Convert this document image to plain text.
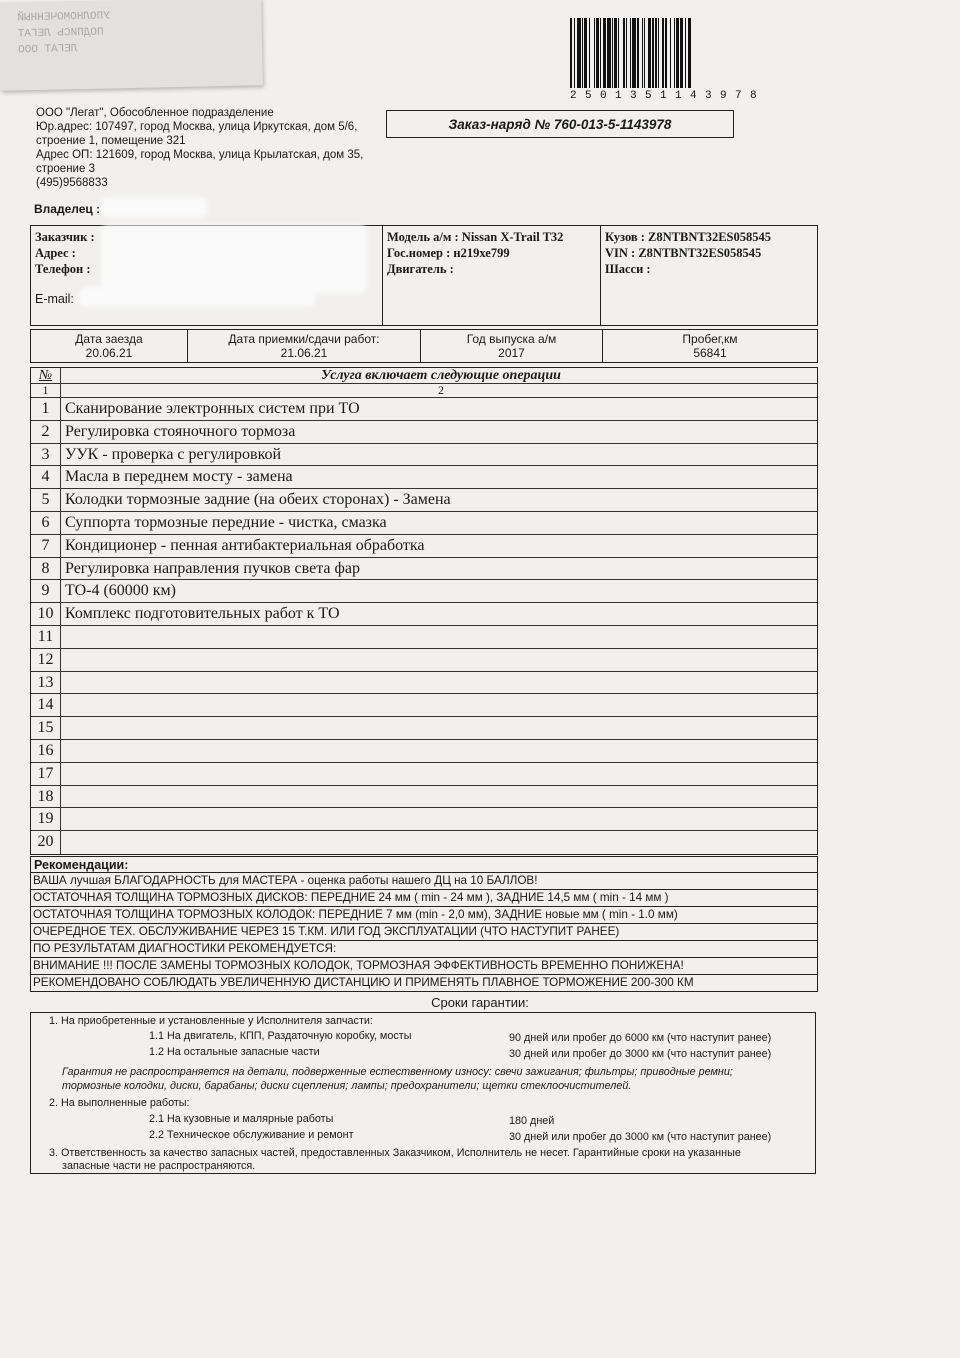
УПОЛНОМОЧЕННЫЙ
ПОДПИСЬ ЛЕГАТ
ЛЕГАТ ООО
2501351143978
ООО "Легат", Обособленное подразделение
Юр.адрес: 107497, город Москва, улица Иркутская, дом 5/6, строение 1, помещение 321
Адрес ОП: 121609, город Москва, улица Крылатская, дом 35, строение 3
(495)9568833
Заказ-наряд № 760-013-5-1143978
Владелец :
Заказчик :
Адрес :
Телефон :
E-mail:
Модель а/м : Nissan X-Trail T32
Гос.номер : н219хе799
Двигатель :
Кузов : Z8NTBNT32ES058545
VIN : Z8NTBNT32ES058545
Шасси :
Дата заезда
20.06.21
Дата приемки/сдачи работ:
21.06.21
Год выпуска а/м
2017
Пробег,км
56841
№	Услуга включает следующие операции
1	2
1 Сканирование электронных систем при ТО
2 Регулировка стояночного тормоза
3 УУК - проверка с регулировкой
4 Масла в переднем мосту - замена
5 Колодки тормозные задние (на обеих сторонах) - Замена
6 Суппорта тормозные передние - чистка, смазка
7 Кондиционер - пенная антибактериальная обработка
8 Регулировка направления пучков света фар
9 ТО-4 (60000 км)
10 Комплекс подготовительных работ к ТО
11
12
13
14
15
16
17
18
19
20
Рекомендации:
ВАША лучшая БЛАГОДАРНОСТЬ для МАСТЕРА - оценка работы нашего ДЦ на 10 БАЛЛОВ!
ОСТАТОЧНАЯ ТОЛЩИНА ТОРМОЗНЫХ ДИСКОВ: ПЕРЕДНИЕ 24 мм ( min - 24 мм ), ЗАДНИЕ 14,5 мм ( min - 14 мм )
ОСТАТОЧНАЯ ТОЛЩИНА ТОРМОЗНЫХ КОЛОДОК: ПЕРЕДНИЕ 7 мм (min - 2,0 мм), ЗАДНИЕ новые мм ( min - 1.0 мм)
ОЧЕРЕДНОЕ ТЕХ. ОБСЛУЖИВАНИЕ ЧЕРЕЗ 15 Т.КМ. ИЛИ ГОД ЭКСПЛУАТАЦИИ (ЧТО НАСТУПИТ РАНЕЕ)
ПО РЕЗУЛЬТАТАМ ДИАГНОСТИКИ РЕКОМЕНДУЕТСЯ:
ВНИМАНИЕ !!! ПОСЛЕ ЗАМЕНЫ ТОРМОЗНЫХ КОЛОДОК, ТОРМОЗНАЯ ЭФФЕКТИВНОСТЬ ВРЕМЕННО ПОНИЖЕНА!
РЕКОМЕНДОВАНО СОБЛЮДАТЬ УВЕЛИЧЕННУЮ ДИСТАНЦИЮ И ПРИМЕНЯТЬ ПЛАВНОЕ ТОРМОЖЕНИЕ 200-300 КМ
Сроки гарантии:
1. На приобретенные и установленные у Исполнителя запчасти:
1.1 На двигатель, КПП, Раздаточную коробку, мосты	90 дней или пробег до 6000 км (что наступит ранее)
1.2 На остальные запасные части	30 дней или пробег до 3000 км (что наступит ранее)
Гарантия не распространяется на детали, подверженные естественному износу: свечи зажигания; фильтры; приводные ремни;
тормозные колодки, диски, барабаны; диски сцепления; лампы; предохранители; щетки стеклоочистителей.
2. На выполненные работы:
2.1 На кузовные и малярные работы	180 дней
2.2 Техническое обслуживание и ремонт	30 дней или пробег до 3000 км (что наступит ранее)
3. Ответственность за качество запасных частей, предоставленных Заказчиком, Исполнитель не несет. Гарантийные сроки на указанные
запасные части не распространяются.
